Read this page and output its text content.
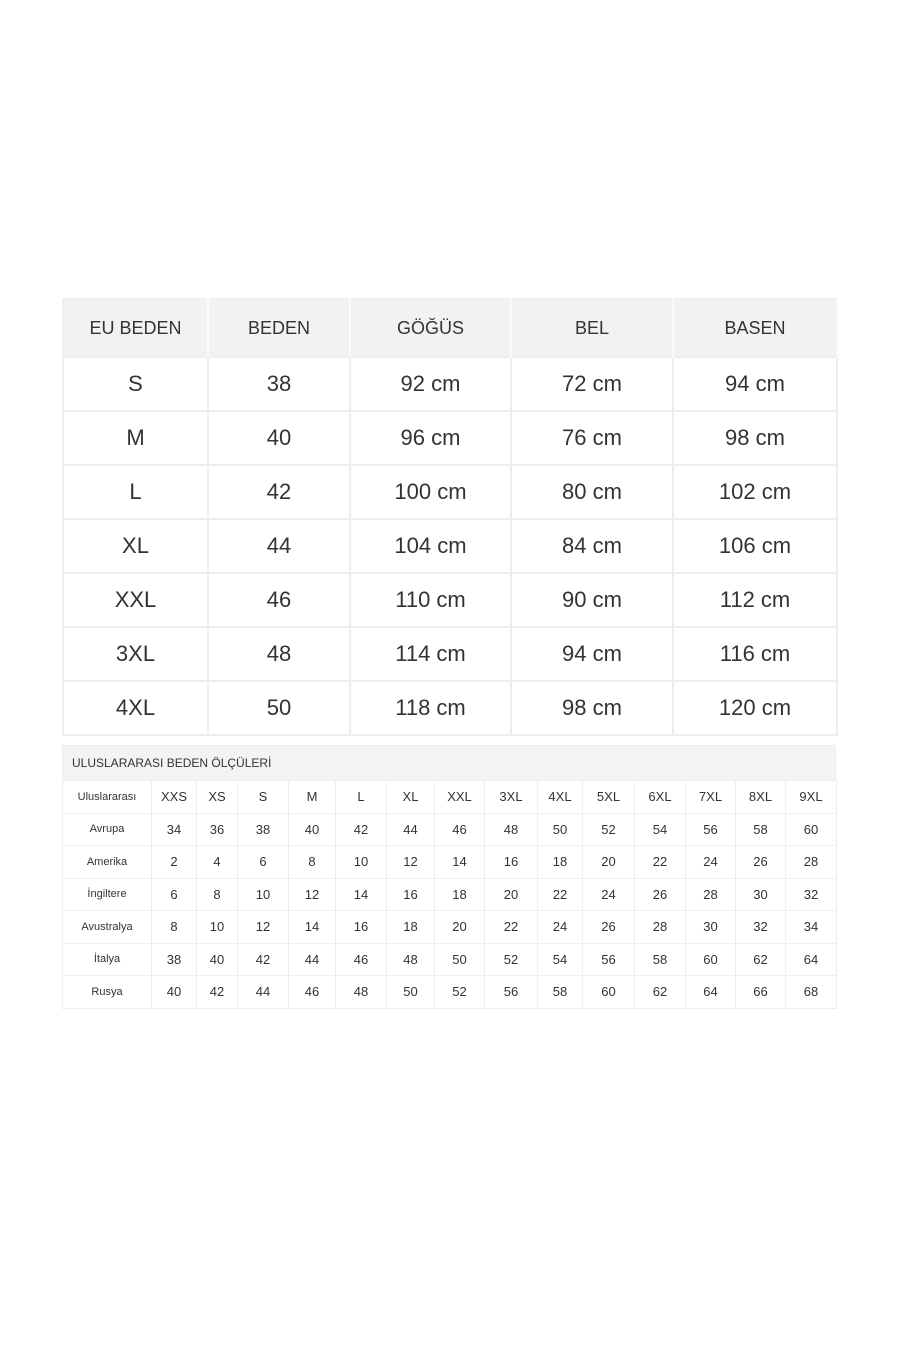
EU BEDEN	BEDEN	GÖĞÜS	BEL	BASEN
S	38	92 cm	72 cm	94 cm
M	40	96 cm	76 cm	98 cm
L	42	100 cm	80 cm	102 cm
XL	44	104 cm	84 cm	106 cm
XXL	46	110 cm	90 cm	112 cm
3XL	48	114 cm	94 cm	116 cm
4XL	50	118 cm	98 cm	120 cm
ULUSLARARASI BEDEN ÖLÇÜLERİ
Uluslararası	XXS	XS	S	M	L	XL	XXL	3XL	4XL	5XL	6XL	7XL	8XL	9XL
Avrupa	34	36	38	40	42	44	46	48	50	52	54	56	58	60
Amerika	2	4	6	8	10	12	14	16	18	20	22	24	26	28
İngiltere	6	8	10	12	14	16	18	20	22	24	26	28	30	32
Avustralya	8	10	12	14	16	18	20	22	24	26	28	30	32	34
İtalya	38	40	42	44	46	48	50	52	54	56	58	60	62	64
Rusya	40	42	44	46	48	50	52	56	58	60	62	64	66	68
